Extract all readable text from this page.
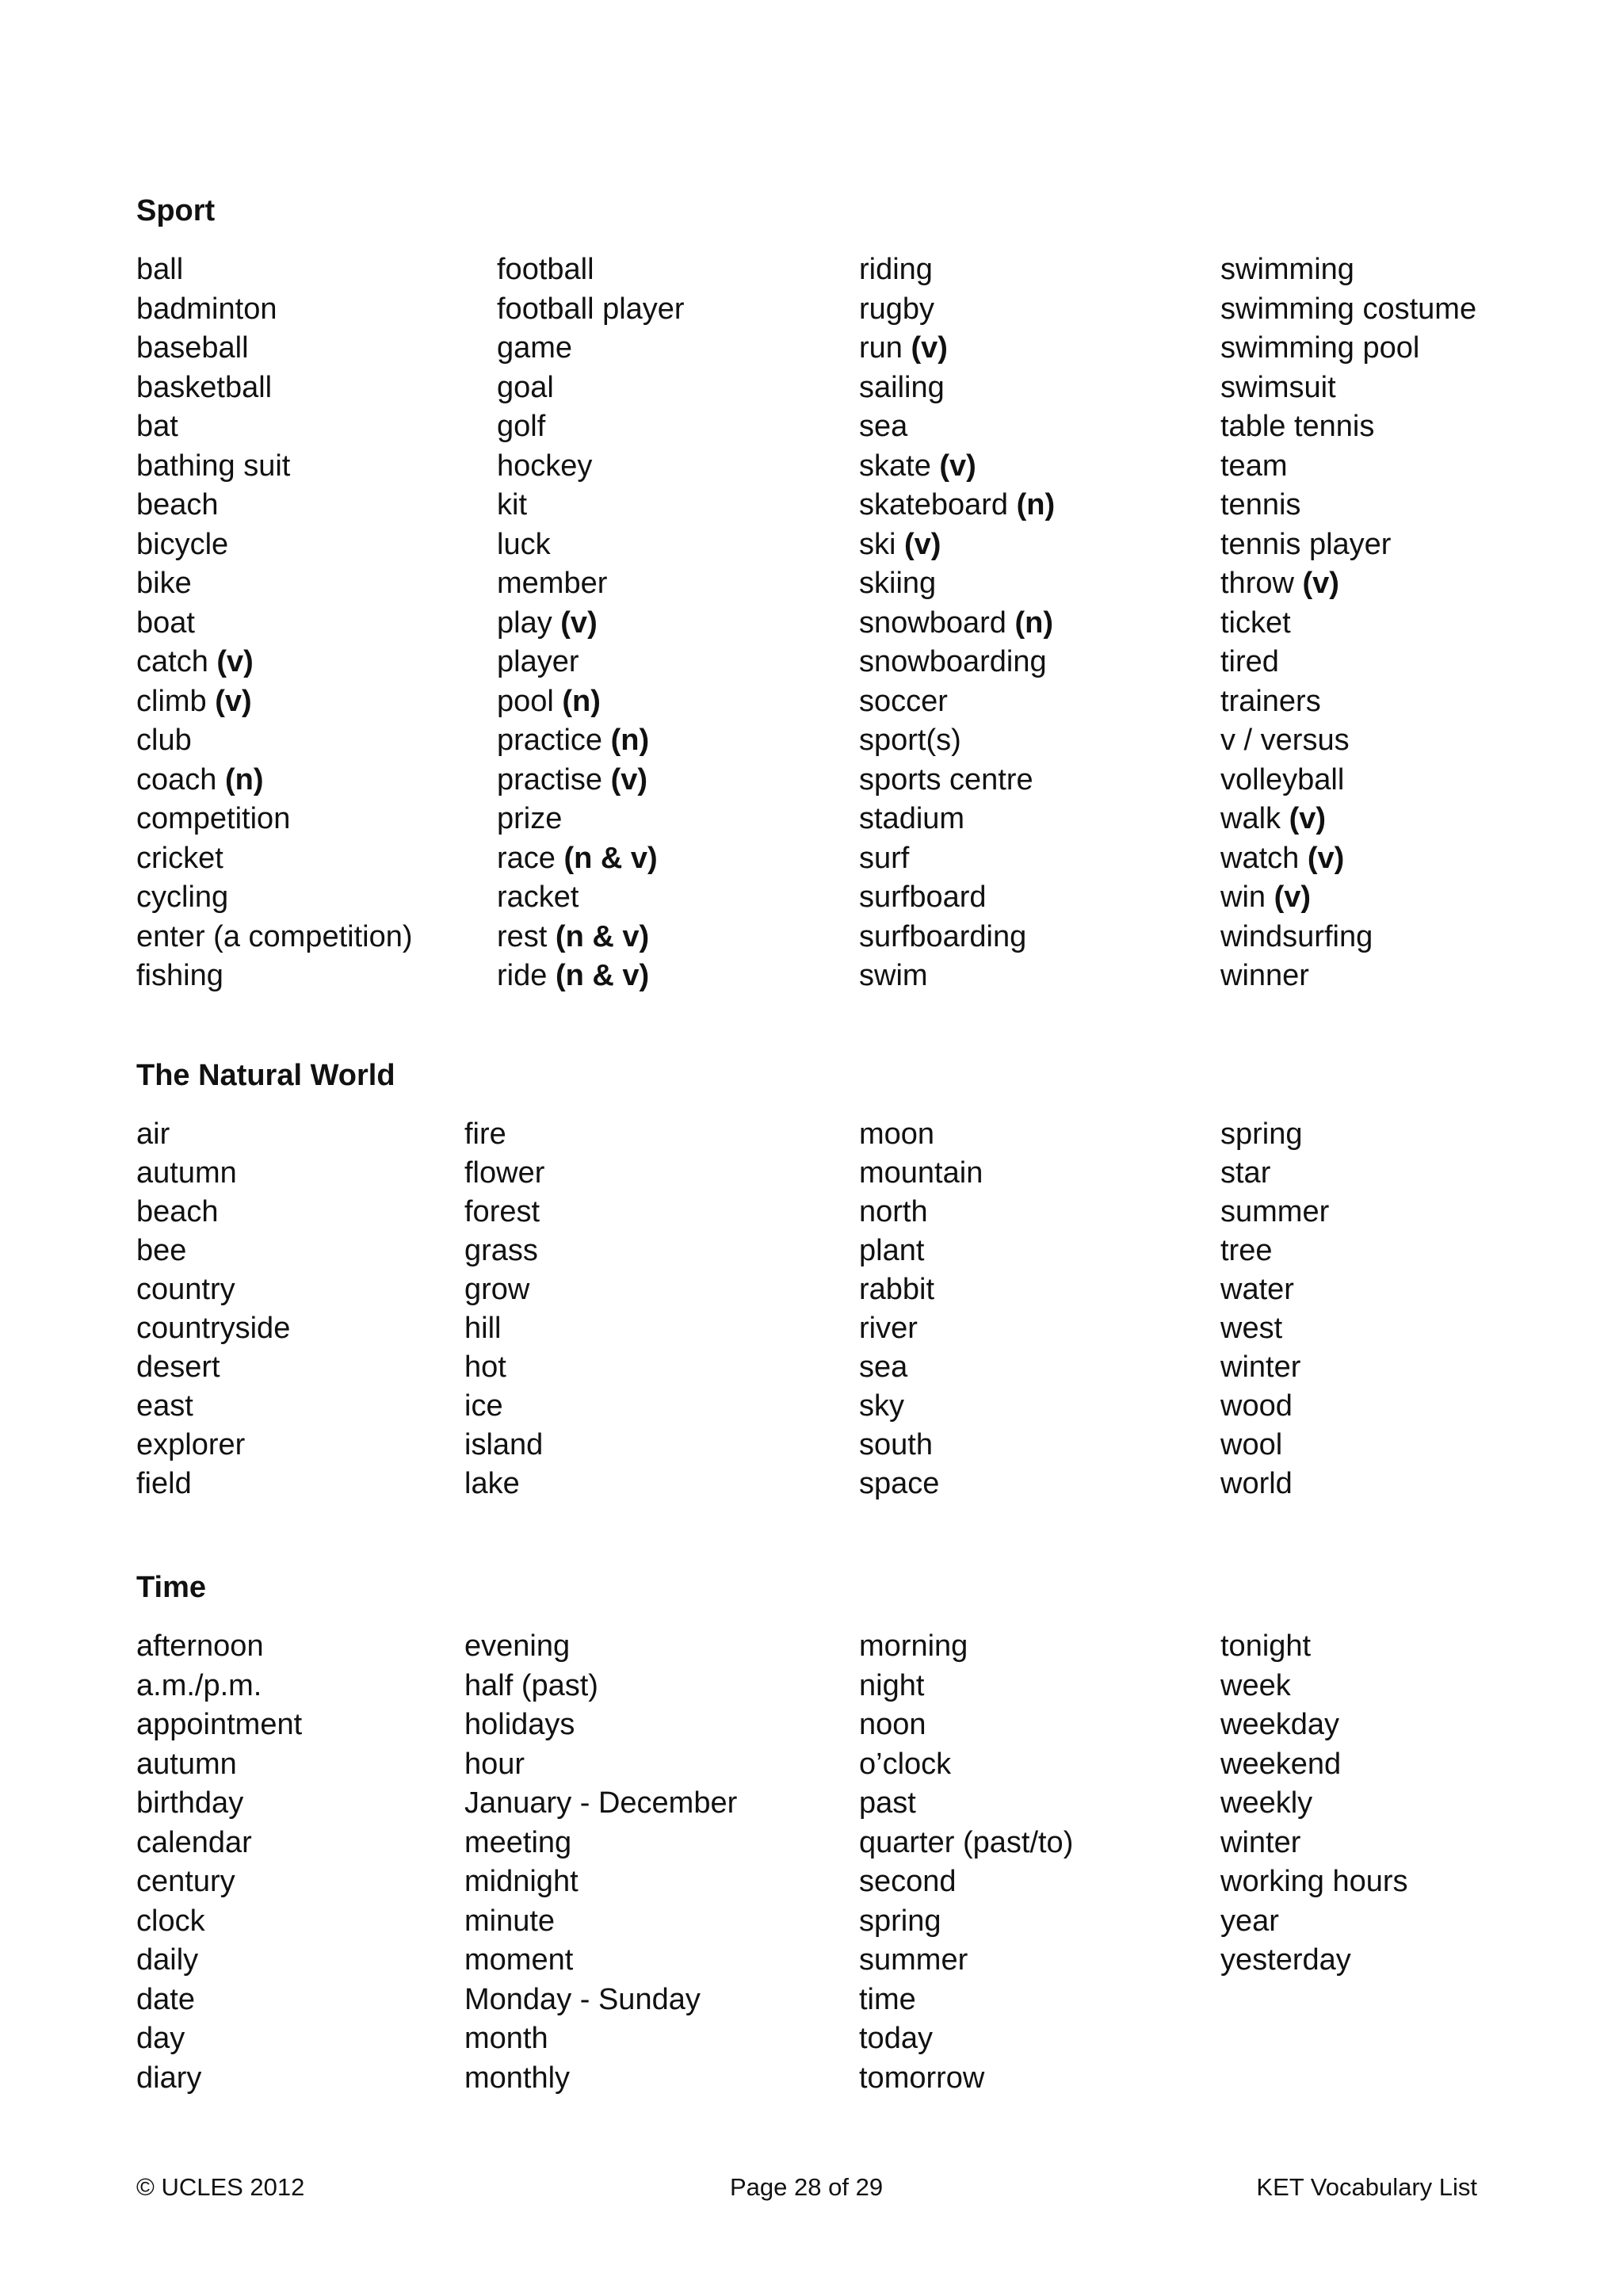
Sport
ball
badminton
baseball
basketball
bat
bathing suit
beach
bicycle
bike
boat
catch (v)
climb (v)
club
coach (n)
competition
cricket
cycling
enter (a competition)
fishing
football
football player
game
goal
golf
hockey
kit
luck
member
play (v)
player
pool (n)
practice (n)
practise (v)
prize
race (n & v)
racket
rest (n & v)
ride (n & v)
riding
rugby
run (v)
sailing
sea
skate (v)
skateboard (n)
ski (v)
skiing
snowboard (n)
snowboarding
soccer
sport(s)
sports centre
stadium
surf
surfboard
surfboarding
swim
swimming
swimming costume
swimming pool
swimsuit
table tennis
team
tennis
tennis player
throw (v)
ticket
tired
trainers
v / versus
volleyball
walk (v)
watch (v)
win (v)
windsurfing
winner
The Natural World
air
autumn
beach
bee
country
countryside
desert
east
explorer
field
fire
flower
forest
grass
grow
hill
hot
ice
island
lake
moon
mountain
north
plant
rabbit
river
sea
sky
south
space
spring
star
summer
tree
water
west
winter
wood
wool
world
Time
afternoon
a.m./p.m.
appointment
autumn
birthday
calendar
century
clock
daily
date
day
diary
evening
half (past)
holidays
hour
January - December
meeting
midnight
minute
moment
Monday - Sunday
month
monthly
morning
night
noon
o’clock
past
quarter (past/to)
second
spring
summer
time
today
tomorrow
tonight
week
weekday
weekend
weekly
winter
working hours
year
yesterday
© UCLES 2012	Page 28 of 29	KET Vocabulary List
